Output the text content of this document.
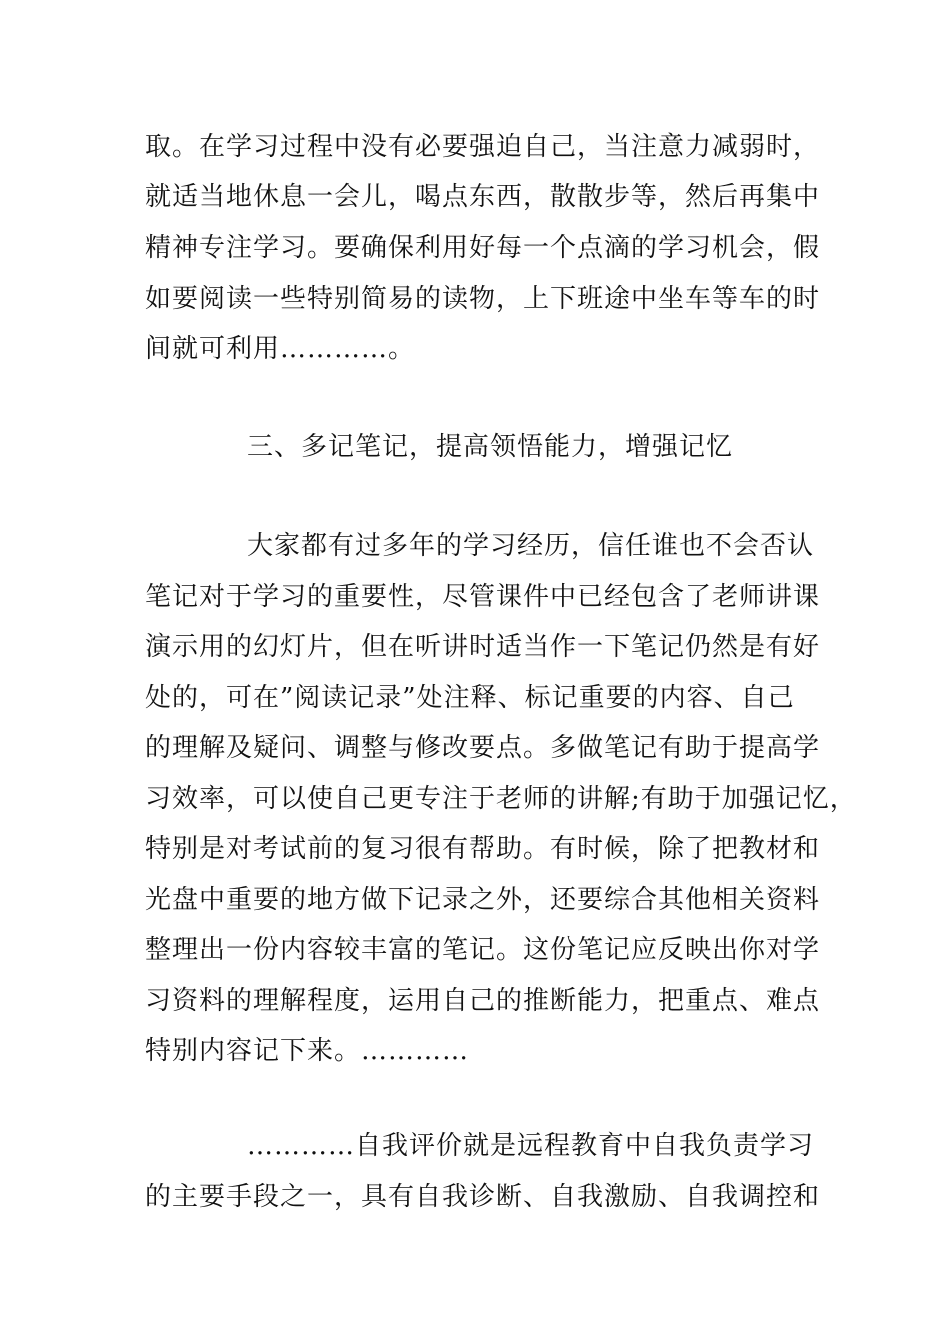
取。在学习过程中没有必要强迫自己，当注意力减弱时，
就适当地休息一会儿，喝点东西，散散步等，然后再集中
精神专注学习。要确保利用好每一个点滴的学习机会，假
如要阅读一些特别简易的读物，上下班途中坐车等车的时
间就可利用…………。
三、多记笔记，提高领悟能力，增强记忆
大家都有过多年的学习经历，信任谁也不会否认
笔记对于学习的重要性，尽管课件中已经包含了老师讲课
演示用的幻灯片，但在听讲时适当作一下笔记仍然是有好
处的，可在”阅读记录”处注释、标记重要的内容、自己
的理解及疑问、调整与修改要点。多做笔记有助于提高学
习效率，可以使自己更专注于老师的讲解;有助于加强记忆，
特别是对考试前的复习很有帮助。有时候，除了把教材和
光盘中重要的地方做下记录之外，还要综合其他相关资料
整理出一份内容较丰富的笔记。这份笔记应反映出你对学
习资料的理解程度，运用自己的推断能力，把重点、难点
特别内容记下来。…………
…………自我评价就是远程教育中自我负责学习
的主要手段之一，具有自我诊断、自我激励、自我调控和
